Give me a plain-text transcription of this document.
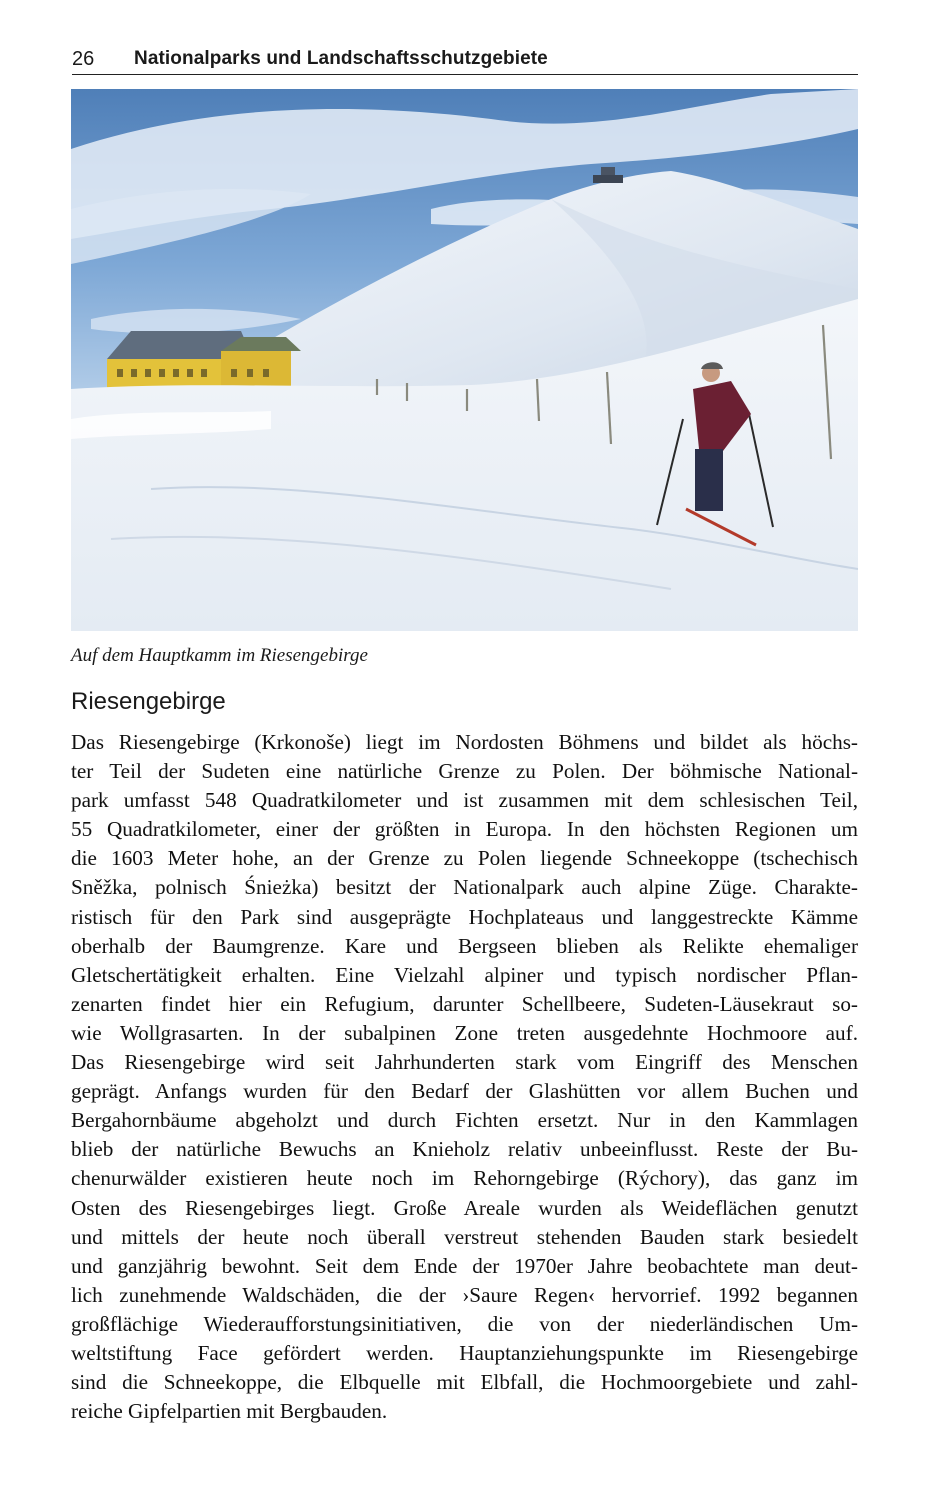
26 Nationalparks und Landschaftsschutzgebiete
Auf dem Hauptkamm im Riesengebirge
Riesengebirge
Das Riesengebirge (Krkonoše) liegt im Nordosten Böhmens und bildet als höchs-
ter Teil der Sudeten eine natürliche Grenze zu Polen. Der böhmische National-
park umfasst 548 Quadratkilometer und ist zusammen mit dem schlesischen Teil,
55 Quadratkilometer, einer der größten in Europa. In den höchsten Regionen um
die 1603 Meter hohe, an der Grenze zu Polen liegende Schneekoppe (tschechisch
Sněžka, polnisch Śnieżka) besitzt der Nationalpark auch alpine Züge. Charakte-
ristisch für den Park sind ausgeprägte Hochplateaus und langgestreckte Kämme
oberhalb der Baumgrenze. Kare und Bergseen blieben als Relikte ehemaliger
Gletschertätigkeit erhalten. Eine Vielzahl alpiner und typisch nordischer Pflan-
zenarten findet hier ein Refugium, darunter Schellbeere, Sudeten-Läusekraut so-
wie Wollgrasarten. In der subalpinen Zone treten ausgedehnte Hochmoore auf.
Das Riesengebirge wird seit Jahrhunderten stark vom Eingriff des Menschen
geprägt. Anfangs wurden für den Bedarf der Glashütten vor allem Buchen und
Bergahornbäume abgeholzt und durch Fichten ersetzt. Nur in den Kammlagen
blieb der natürliche Bewuchs an Knieholz relativ unbeeinflusst. Reste der Bu-
chenurwälder existieren heute noch im Rehorngebirge (Rýchory), das ganz im
Osten des Riesengebirges liegt. Große Areale wurden als Weideflächen genutzt
und mittels der heute noch überall verstreut stehenden Bauden stark besiedelt
und ganzjährig bewohnt. Seit dem Ende der 1970er Jahre beobachtete man deut-
lich zunehmende Waldschäden, die der ›Saure Regen‹ hervorrief. 1992 begannen
großflächige Wiederaufforstungsinitiativen, die von der niederländischen Um-
weltstiftung Face gefördert werden. Hauptanziehungspunkte im Riesengebirge
sind die Schneekoppe, die Elbquelle mit Elbfall, die Hochmoorgebiete und zahl-
reiche Gipfelpartien mit Bergbauden.
